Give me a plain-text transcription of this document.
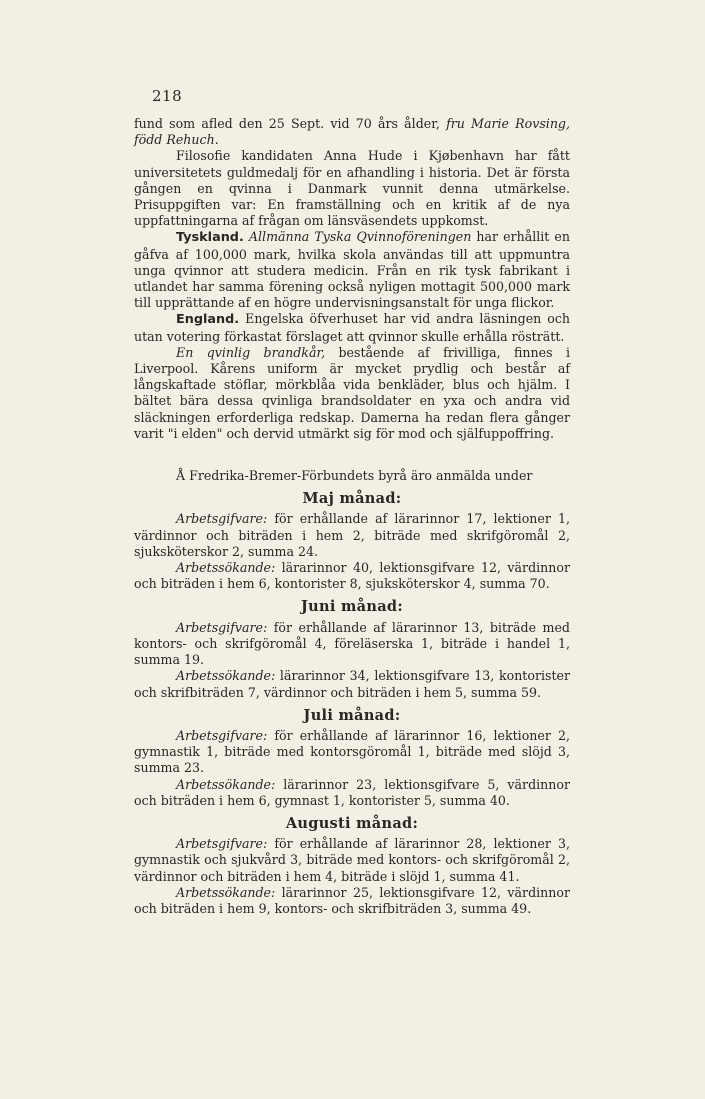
218

fund som afled den 25 Sept. vid 70 års ålder, fru Marie Rovsing, född Rehuch.

Filosofie kandidaten Anna Hude i Kjøbenhavn har fått universitetets guldmedalj för en afhandling i historia. Det är första gången en qvinna i Danmark vunnit denna utmärkelse. Prisuppgiften var: En framställning och en kritik af de nya uppfattningarna af frågan om länsväsendets uppkomst.

Tyskland. Allmänna Tyska Qvinnoföreningen har erhållit en gåfva af 100,000 mark, hvilka skola användas till att uppmuntra unga qvinnor att studera medicin. Från en rik tysk fabrikant i utlandet har samma förening också nyligen mottagit 500,000 mark till upprättande af en högre undervisningsanstalt för unga flickor.

England. Engelska öfverhuset har vid andra läsningen och utan votering förkastat förslaget att qvinnor skulle erhålla rösträtt.

En qvinlig brandkår, bestående af frivilliga, finnes i Liverpool. Kårens uniform är mycket prydlig och består af långskaftade stöflar, mörkblåa vida benkläder, blus och hjälm. I bältet bära dessa qvinliga brandsoldater en yxa och andra vid släckningen erforderliga redskap. Damerna ha redan flera gånger varit "i elden" och dervid utmärkt sig för mod och själfuppoffring.

Å Fredrika-Bremer-Förbundets byrå äro anmälda under

Maj månad:

Arbetsgifvare: för erhållande af lärarinnor 17, lektioner 1, värdinnor och biträden i hem 2, biträde med skrifgöromål 2, sjuksköterskor 2, summa 24.

Arbetssökande: lärarinnor 40, lektionsgifvare 12, värdinnor och biträden i hem 6, kontorister 8, sjuksköterskor 4, summa 70.

Juni månad:

Arbetsgifvare: för erhållande af lärarinnor 13, biträde med kontors- och skrifgöromål 4, föreläserska 1, biträde i handel 1, summa 19.

Arbetssökande: lärarinnor 34, lektionsgifvare 13, kontorister och skrifbiträden 7, värdinnor och biträden i hem 5, summa 59.

Juli månad:

Arbetsgifvare: för erhållande af lärarinnor 16, lektioner 2, gymnastik 1, biträde med kontorsgöromål 1, biträde med slöjd 3, summa 23.

Arbetssökande: lärarinnor 23, lektionsgifvare 5, värdinnor och biträden i hem 6, gymnast 1, kontorister 5, summa 40.

Augusti månad:

Arbetsgifvare: för erhållande af lärarinnor 28, lektioner 3, gymnastik och sjukvård 3, biträde med kontors- och skrifgöromål 2, värdinnor och biträden i hem 4, biträde i slöjd 1, summa 41.

Arbetssökande: lärarinnor 25, lektionsgifvare 12, värdinnor och biträden i hem 9, kontors- och skrifbiträden 3, summa 49.
